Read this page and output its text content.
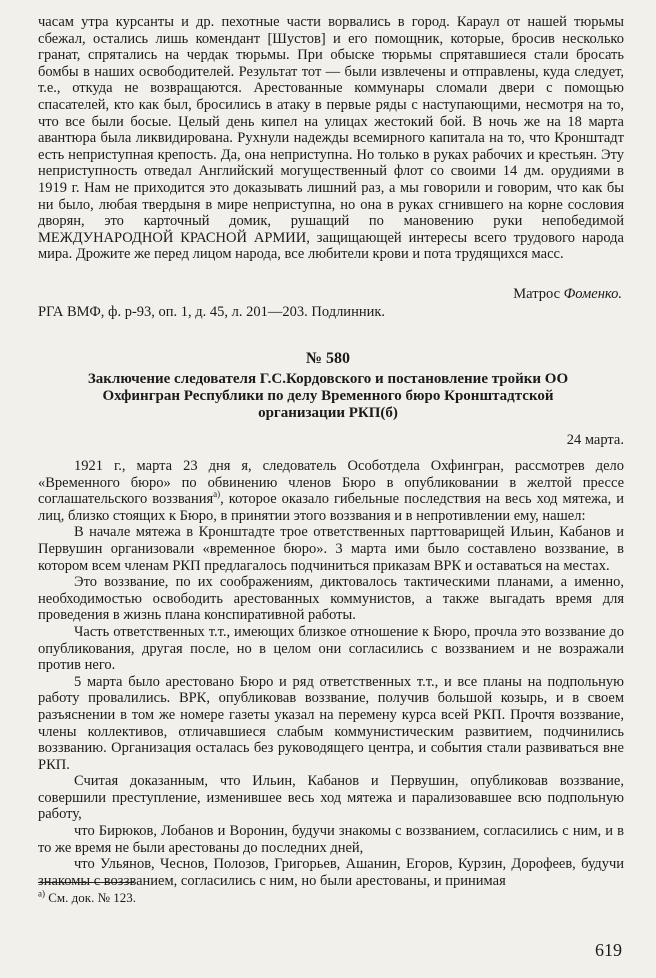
часам утра курсанты и др. пехотные части ворвались в город. Караул от нашей тюрьмы сбежал, остались лишь комендант [Шустов] и его помощник, которые, бросив несколько гранат, спрятались на чердак тюрьмы. При обыске тюрьмы спрятавшиеся стали бросать бомбы в наших освободителей. Результат тот — были извлечены и отправлены, куда следует, т.е., откуда не возвращаются. Арестованные коммунары сломали двери с помощью спасателей, кто как был, бросились в атаку в первые ряды с наступающими, несмотря на то, что все были босые. Целый день кипел на улицах жестокий бой. В ночь же на 18 марта авантюра была ликвидирована. Рухнули надежды всемирного капитала на то, что Кронштадт есть неприступная крепость. Да, она неприступна. Но только в руках рабочих и крестьян. Эту неприступность отведал Английский могущественный флот со своими 14 дм. орудиями в 1919 г. Нам не приходится это доказывать лишний раз, а мы говорили и говорим, что как бы ни было, любая твердыня в мире неприступна, но она в руках сгнившего на корне сословия дворян, это карточный домик, рушащий по мановению руки непобедимой МЕЖДУНАРОДНОЙ КРАСНОЙ АРМИИ, защищающей интересы всего трудового народа мира. Дрожите же перед лицом народа, все любители крови и пота трудящихся масс.

Матрос Фоменко.
РГА ВМФ, ф. р-93, оп. 1, д. 45, л. 201—203. Подлинник.
№ 580
Заключение следователя Г.С.Кордовского и постановление тройки ОО Охфингран Республики по делу Временного бюро Кронштадтской организации РКП(б)
24 марта.

1921 г., марта 23 дня я, следователь Особотдела Охфингран, рассмотрев дело «Временного бюро» по обвинению членов Бюро в опубликовании в желтой прессе соглашательского воззвания$^{а)}$, которое оказало гибельные последствия на весь ход мятежа, и лиц, близко стоящих к Бюро, в принятии этого воззвания и в непротивлении ему, нашел:

В начале мятежа в Кронштадте трое ответственных парттоварищей Ильин, Кабанов и Первушин организовали «временное бюро». 3 марта ими было составлено воззвание, в котором всем членам РКП предлагалось подчиниться приказам ВРК и оставаться на местах.

Это воззвание, по их соображениям, диктовалось тактическими планами, а именно, необходимостью освободить арестованных коммунистов, а также выгадать время для проведения в жизнь плана конспиративной работы.

Часть ответственных т.т., имеющих близкое отношение к Бюро, прочла это воззвание до опубликования, другая после, но в целом они согласились с воззванием и не возражали против него.

5 марта было арестовано Бюро и ряд ответственных т.т., и все планы на подпольную работу провалились. ВРК, опубликовав воззвание, получив большой козырь, и в своем разъяснении в том же номере газеты указал на перемену курса всей РКП. Прочтя воззвание, члены коллективов, отличавшиеся слабым коммунистическим развитием, подчинились воззванию. Организация осталась без руководящего центра, и события стали развиваться вне РКП.

Считая доказанным, что Ильин, Кабанов и Первушин, опубликовав воззвание, совершили преступление, изменившее весь ход мятежа и парализовавшее всю подпольную работу,

что Бирюков, Лобанов и Воронин, будучи знакомы с воззванием, согласились с ним, и в то же время не были арестованы до последних дней,

что Ульянов, Чеснов, Полозов, Григорьев, Ашанин, Егоров, Курзин, Дорофеев, будучи знакомы с воззванием, согласились с ним, но были арестованы, и принимая

$^{а)}$ См. док. № 123.
619
